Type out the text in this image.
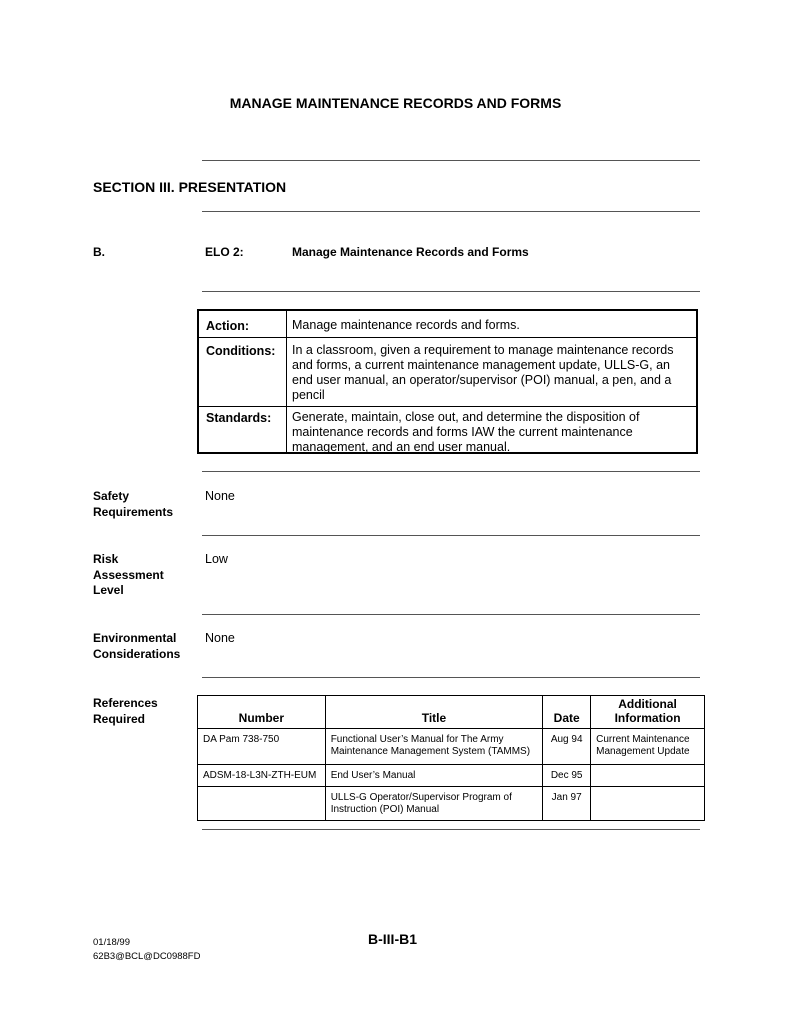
MANAGE MAINTENANCE RECORDS AND FORMS
SECTION III. PRESENTATION
B.	ELO 2:	Manage Maintenance Records and Forms
Action:	Manage maintenance records and forms.
Conditions: In a classroom, given a requirement to manage maintenance records and forms, a current maintenance management update, ULLS-G, an end user manual, an operator/supervisor (POI) manual, a pen, and a pencil
Standards: Generate, maintain, close out, and determine the disposition of maintenance records and forms IAW the current maintenance management, and an end user manual.
Safety
Requirements
None
Risk
Assessment
Level
Low
Environmental
Considerations
None
References
Required	Number	Title	Date	Additional
Information

DA Pam 738-750	Functional User’s Manual for The Army Maintenance Management System (TAMMS)	Aug 94	Current Maintenance Management Update
ADSM-18-L3N-ZTH-EUM	End User’s Manual	Dec 95	
	ULLS-G Operator/Supervisor Program of Instruction (POI) Manual	Jan 97	
01/18/99
62B3@BCL@DC0988FD
B-III-B1
